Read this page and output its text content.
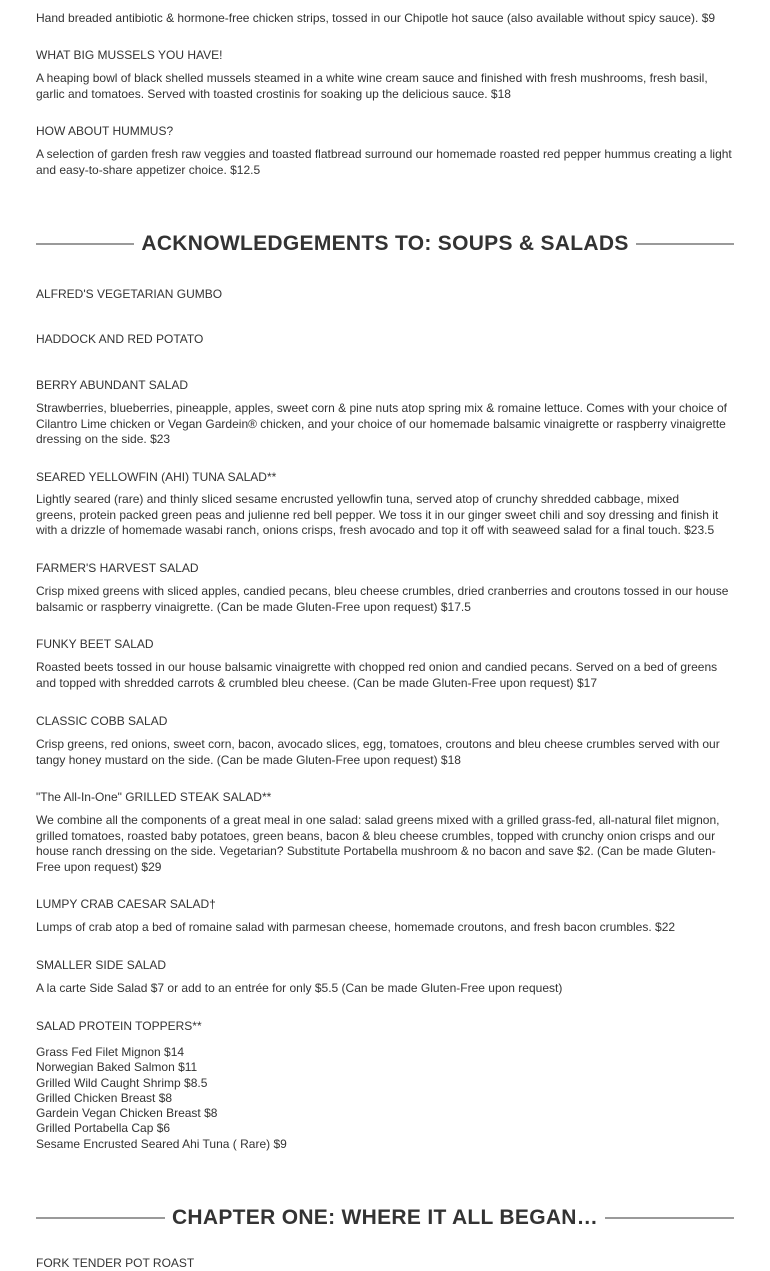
Hand breaded antibiotic & hormone-free chicken strips, tossed in our Chipotle hot sauce (also available without spicy sauce). $9
WHAT BIG MUSSELS YOU HAVE!
A heaping bowl of black shelled mussels steamed in a white wine cream sauce and finished with fresh mushrooms, fresh basil, garlic and tomatoes. Served with toasted crostinis for soaking up the delicious sauce. $18
HOW ABOUT HUMMUS?
A selection of garden fresh raw veggies and toasted flatbread surround our homemade roasted red pepper hummus creating a light and easy-to-share appetizer choice. $12.5
ACKNOWLEDGEMENTS TO: SOUPS & SALADS
ALFRED'S VEGETARIAN GUMBO
HADDOCK AND RED POTATO
BERRY ABUNDANT SALAD
Strawberries, blueberries, pineapple, apples, sweet corn & pine nuts atop spring mix & romaine lettuce. Comes with your choice of Cilantro Lime chicken or Vegan Gardein® chicken, and your choice of our homemade balsamic vinaigrette or raspberry vinaigrette dressing on the side. $23
SEARED YELLOWFIN (AHI) TUNA SALAD**
Lightly seared (rare) and thinly sliced sesame encrusted yellowfin tuna, served atop of crunchy shredded cabbage, mixed greens, protein packed green peas and julienne red bell pepper. We toss it in our ginger sweet chili and soy dressing and finish it with a drizzle of homemade wasabi ranch, onions crisps, fresh avocado and top it off with seaweed salad for a final touch. $23.5
FARMER'S HARVEST SALAD
Crisp mixed greens with sliced apples, candied pecans, bleu cheese crumbles, dried cranberries and croutons tossed in our house balsamic or raspberry vinaigrette. (Can be made Gluten-Free upon request) $17.5
FUNKY BEET SALAD
Roasted beets tossed in our house balsamic vinaigrette with chopped red onion and candied pecans. Served on a bed of greens and topped with shredded carrots & crumbled bleu cheese. (Can be made Gluten-Free upon request) $17
CLASSIC COBB SALAD
Crisp greens, red onions, sweet corn, bacon, avocado slices, egg, tomatoes, croutons and bleu cheese crumbles served with our tangy honey mustard on the side. (Can be made Gluten-Free upon request) $18
"The All-In-One" GRILLED STEAK SALAD**
We combine all the components of a great meal in one salad: salad greens mixed with a grilled grass-fed, all-natural filet mignon, grilled tomatoes, roasted baby potatoes, green beans, bacon & bleu cheese crumbles, topped with crunchy onion crisps and our house ranch dressing on the side. Vegetarian? Substitute Portabella mushroom & no bacon and save $2. (Can be made Gluten-Free upon request) $29
LUMPY CRAB CAESAR SALAD†
Lumps of crab atop a bed of romaine salad with parmesan cheese, homemade croutons, and fresh bacon crumbles. $22
SMALLER SIDE SALAD
A la carte Side Salad $7 or add to an entrée for only $5.5 (Can be made Gluten-Free upon request)
SALAD PROTEIN TOPPERS**
Grass Fed Filet Mignon $14
Norwegian Baked Salmon $11
Grilled Wild Caught Shrimp $8.5
Grilled Chicken Breast $8
Gardein Vegan Chicken Breast $8
Grilled Portabella Cap $6
Sesame Encrusted Seared Ahi Tuna ( Rare) $9
CHAPTER ONE: WHERE IT ALL BEGAN…
FORK TENDER POT ROAST
